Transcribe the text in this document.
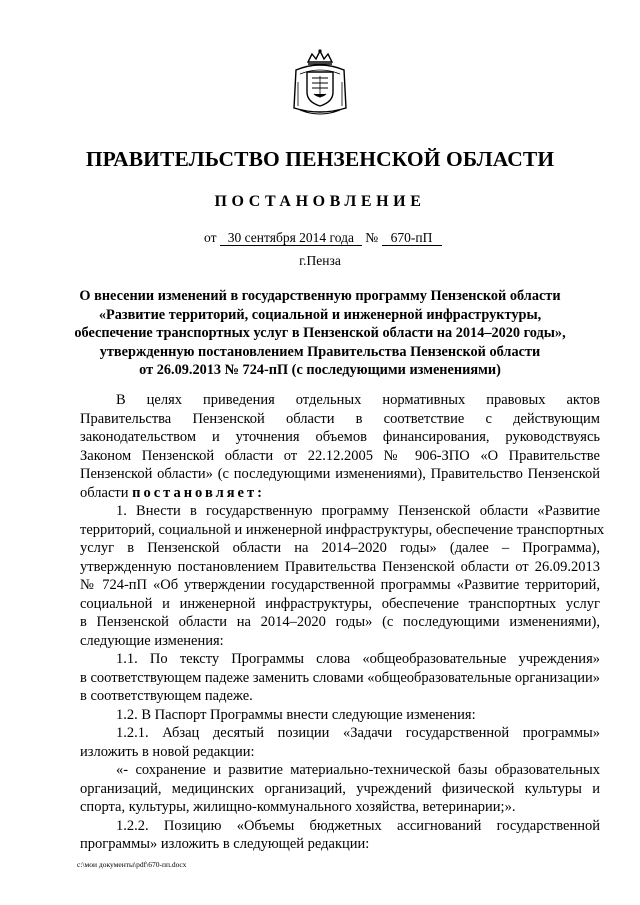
ПРАВИТЕЛЬСТВО ПЕНЗЕНСКОЙ ОБЛАСТИ
ПОСТАНОВЛЕНИЕ
от 30 сентября 2014 года № 670-пП
г.Пенза
О внесении изменений в государственную программу Пензенской области
«Развитие территорий, социальной и инженерной инфраструктуры,
обеспечение транспортных услуг в Пензенской области на 2014–2020 годы»,
утвержденную постановлением Правительства Пензенской области
от 26.09.2013 № 724-пП (с последующими изменениями)
В целях приведения отдельных нормативных правовых актов
Правительства Пензенской области в соответствие с действующим
законодательством и уточнения объемов финансирования, руководствуясь
Законом Пензенской области от 22.12.2005 № 906-ЗПО «О Правительстве
Пензенской области» (с последующими изменениями), Правительство Пензенской
области постановляет:
1. Внести в государственную программу Пензенской области «Развитие
территорий, социальной и инженерной инфраструктуры, обеспечение транспортных
услуг в Пензенской области на 2014–2020 годы» (далее – Программа),
утвержденную постановлением Правительства Пензенской области от 26.09.2013
№ 724-пП «Об утверждении государственной программы «Развитие территорий,
социальной и инженерной инфраструктуры, обеспечение транспортных услуг
в Пензенской области на 2014–2020 годы» (с последующими изменениями),
следующие изменения:
1.1. По тексту Программы слова «общеобразовательные учреждения»
в соответствующем падеже заменить словами «общеобразовательные организации»
в соответствующем падеже.
1.2. В Паспорт Программы внести следующие изменения:
1.2.1. Абзац десятый позиции «Задачи государственной программы»
изложить в новой редакции:
«- сохранение и развитие материально-технической базы образовательных
организаций, медицинских организаций, учреждений физической культуры и
спорта, культуры, жилищно-коммунального хозяйства, ветеринарии;».
1.2.2. Позицию «Объемы бюджетных ассигнований государственной
программы» изложить в следующей редакции:
c:\мои документы\pdf\670-пп.docx
